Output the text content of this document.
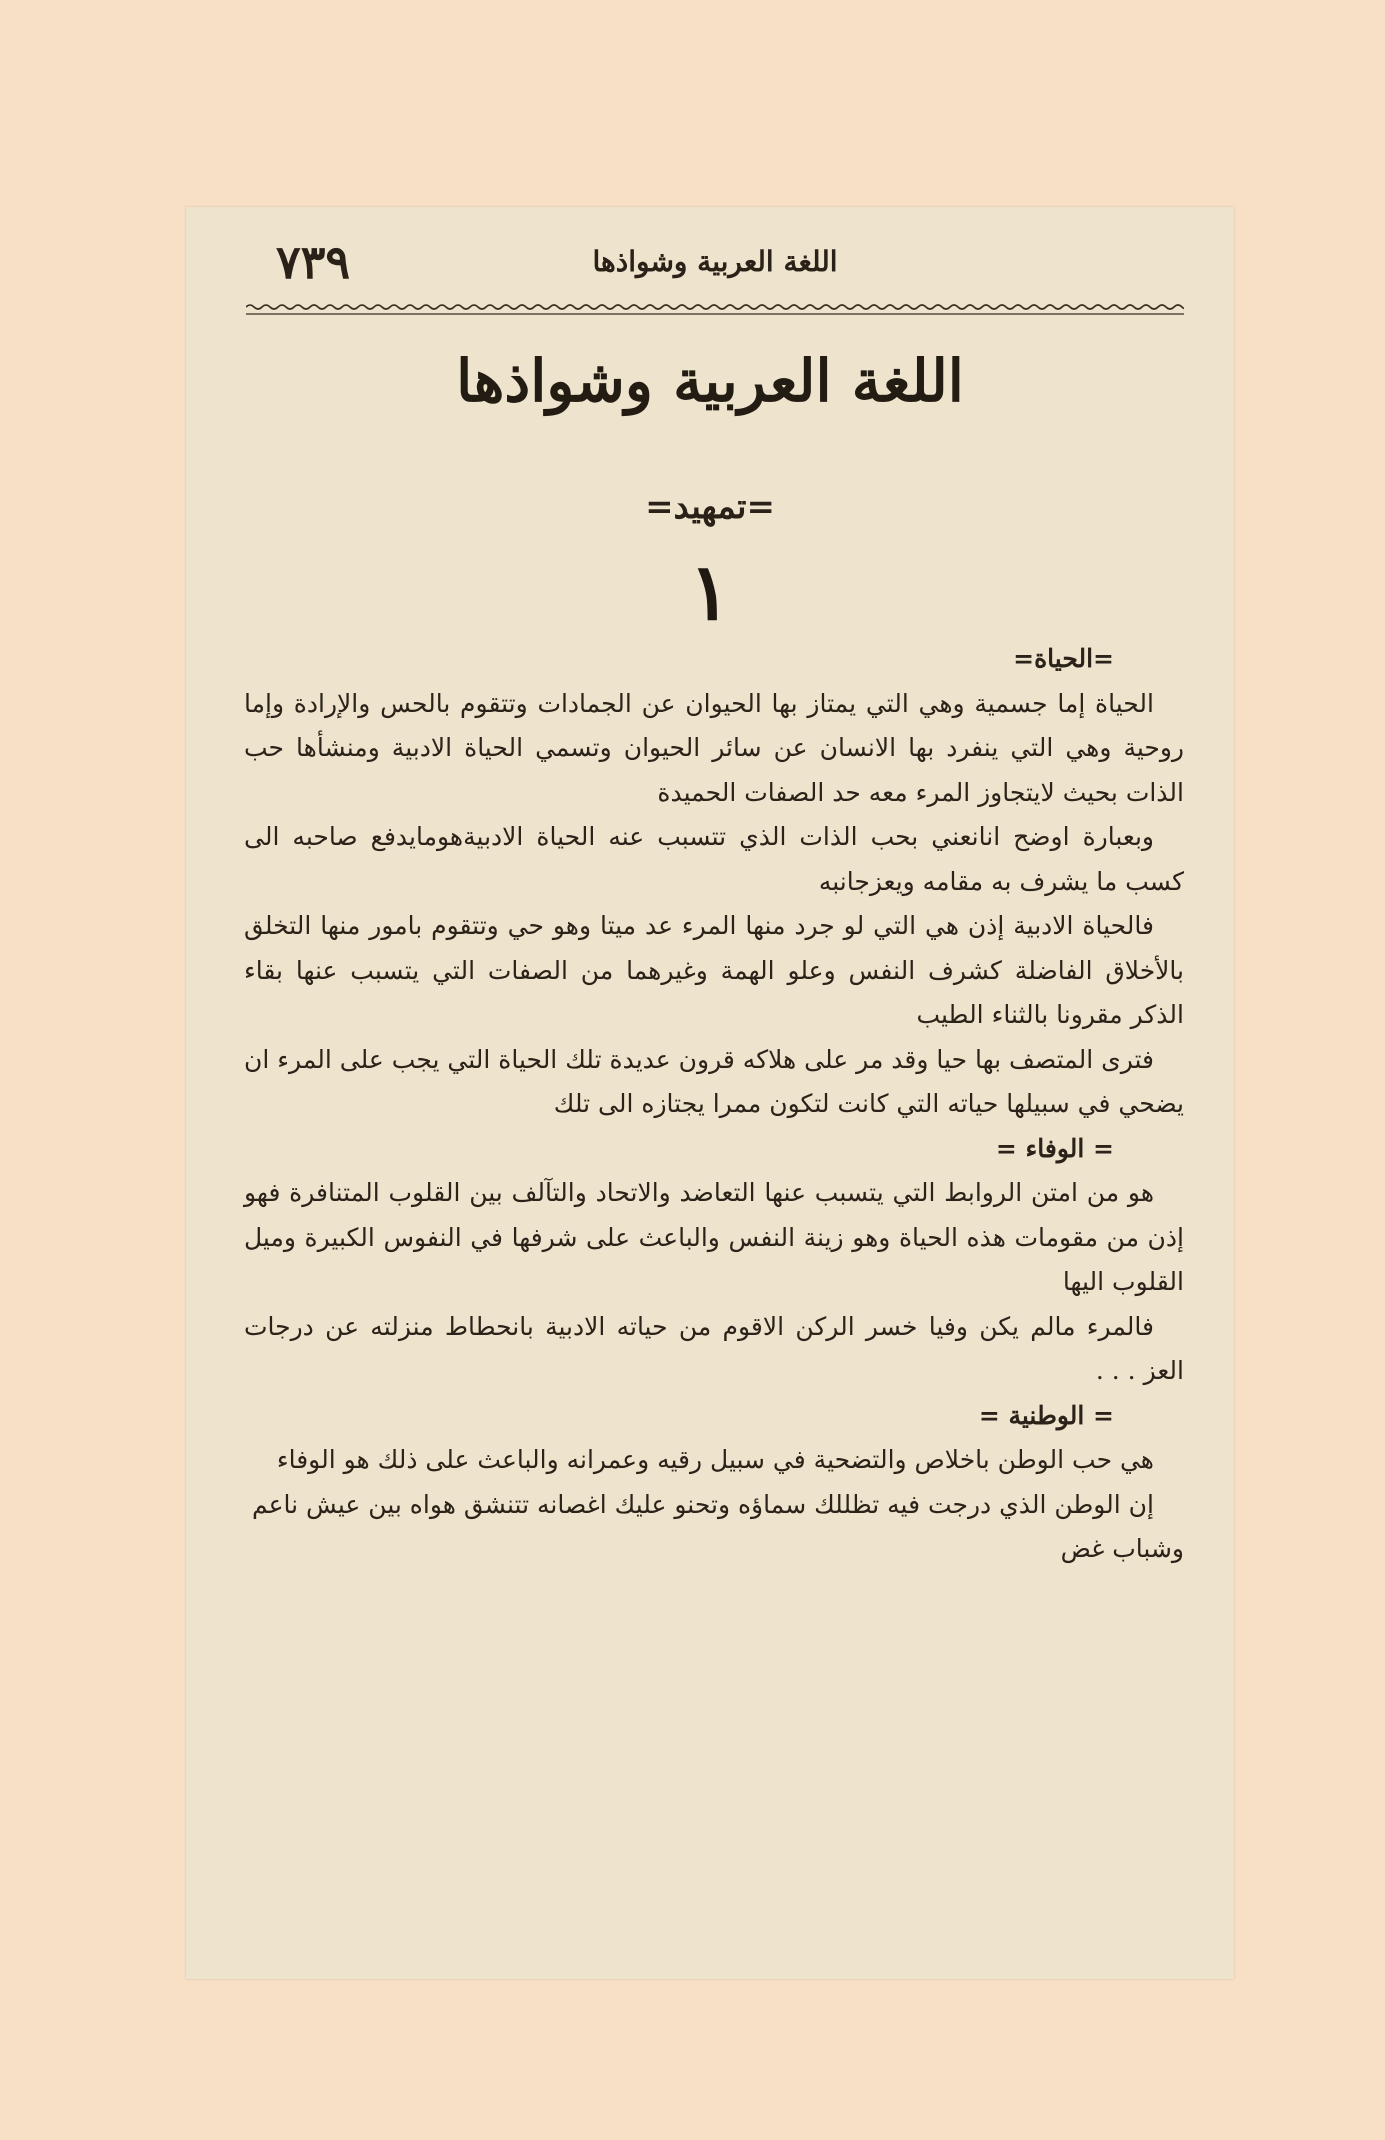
٧٣٩	اللغة العربية وشواذها
اللغة العربية وشواذها
=تمهيد=
١

=الحياة=

الحياة إما جسمية وهي التي يمتاز بها الحيوان عن الجمادات وتتقوم بالحس والإرادة وإما روحية وهي التي ينفرد بها الانسان عن سائر الحيوان وتسمي الحياة الادبية ومنشأها حب الذات بحيث لايتجاوز المرء معه حد الصفات الحميدة

وبعبارة اوضح انانعني بحب الذات الذي تتسبب عنه الحياة الادبيةهومايدفع صاحبه الى كسب ما يشرف به مقامه ويعزجانبه

فالحياة الادبية إذن هي التي لو جرد منها المرء عد ميتا وهو حي وتتقوم بامور منها التخلق بالأخلاق الفاضلة كشرف النفس وعلو الهمة وغيرهما من الصفات التي يتسبب عنها بقاء الذكر مقرونا بالثناء الطيب

فترى المتصف بها حيا وقد مر على هلاكه قرون عديدة تلك الحياة التي يجب على المرء ان يضحي في سبيلها حياته التي كانت لتكون ممرا يجتازه الى تلك

= الوفاء =

هو من امتن الروابط التي يتسبب عنها التعاضد والاتحاد والتآلف بين القلوب المتنافرة فهو إذن من مقومات هذه الحياة وهو زينة النفس والباعث على شرفها في النفوس الكبيرة وميل القلوب اليها

فالمرء مالم يكن وفيا خسر الركن الاقوم من حياته الادبية بانحطاط منزلته عن درجات العز . . .

= الوطنية =

هي حب الوطن باخلاص والتضحية في سبيل رقيه وعمرانه والباعث على ذلك هو الوفاء

إن الوطن الذي درجت فيه تظللك سماؤه وتحنو عليك اغصانه تتنشق هواه بين عيش ناعم وشباب غض
